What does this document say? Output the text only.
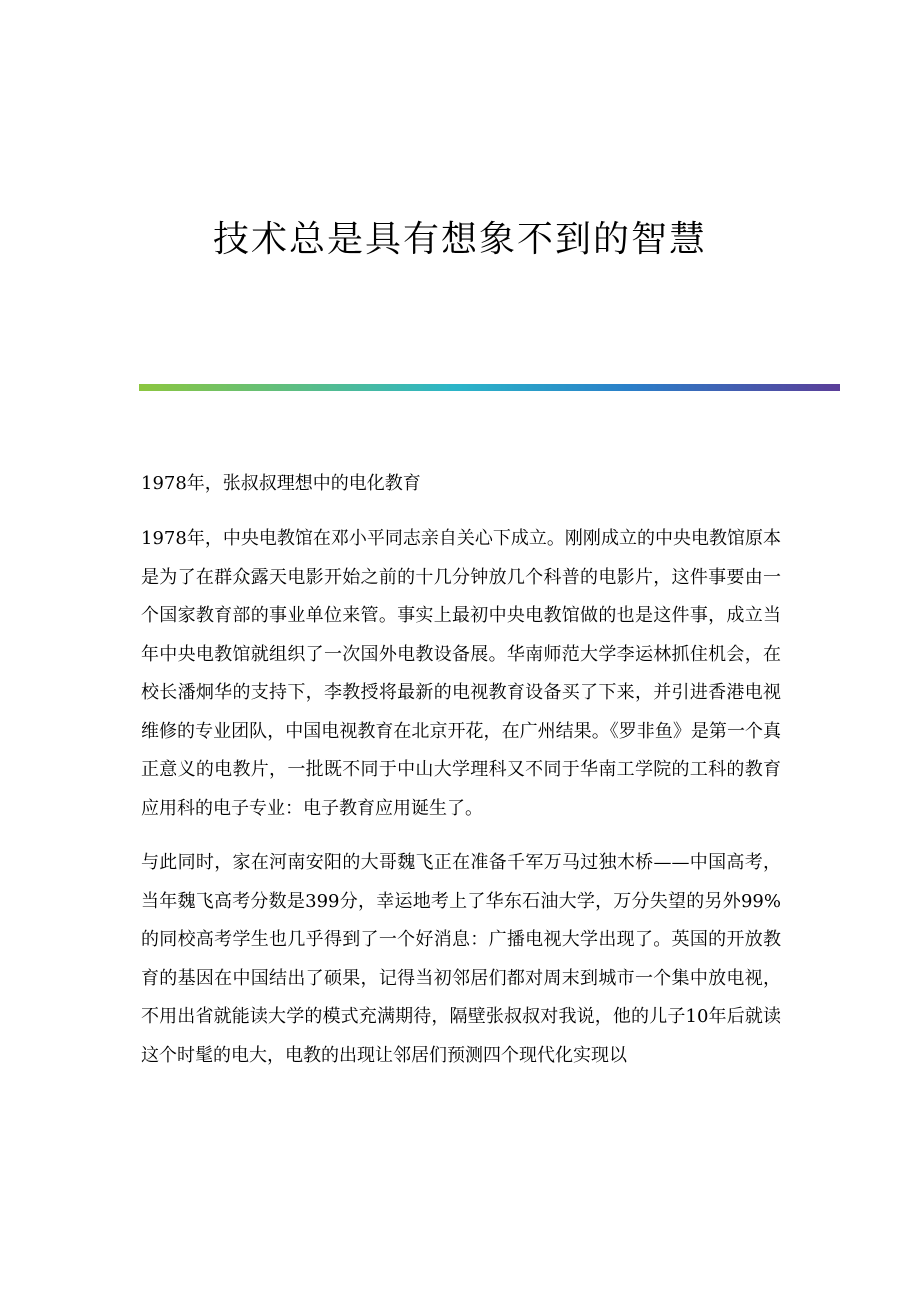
技术总是具有想象不到的智慧

1978年，张叔叔理想中的电化教育

1978年，中央电教馆在邓小平同志亲自关心下成立。刚刚成立的中央电教馆原本是为了在群众露天电影开始之前的十几分钟放几个科普的电影片，这件事要由一个国家教育部的事业单位来管。事实上最初中央电教馆做的也是这件事，成立当年中央电教馆就组织了一次国外电教设备展。华南师范大学李运林抓住机会，在校长潘炯华的支持下，李教授将最新的电视教育设备买了下来，并引进香港电视维修的专业团队，中国电视教育在北京开花，在广州结果。《罗非鱼》是第一个真正意义的电教片，一批既不同于中山大学理科又不同于华南工学院的工科的教育应用科的电子专业：电子教育应用诞生了。

与此同时，家在河南安阳的大哥魏飞正在准备千军万马过独木桥——中国高考，当年魏飞高考分数是399分，幸运地考上了华东石油大学，万分失望的另外99%的同校高考学生也几乎得到了一个好消息：广播电视大学出现了。英国的开放教育的基因在中国结出了硕果，记得当初邻居们都对周末到城市一个集中放电视，不用出省就能读大学的模式充满期待，隔壁张叔叔对我说，他的儿子10年后就读这个时髦的电大，电教的出现让邻居们预测四个现代化实现以
